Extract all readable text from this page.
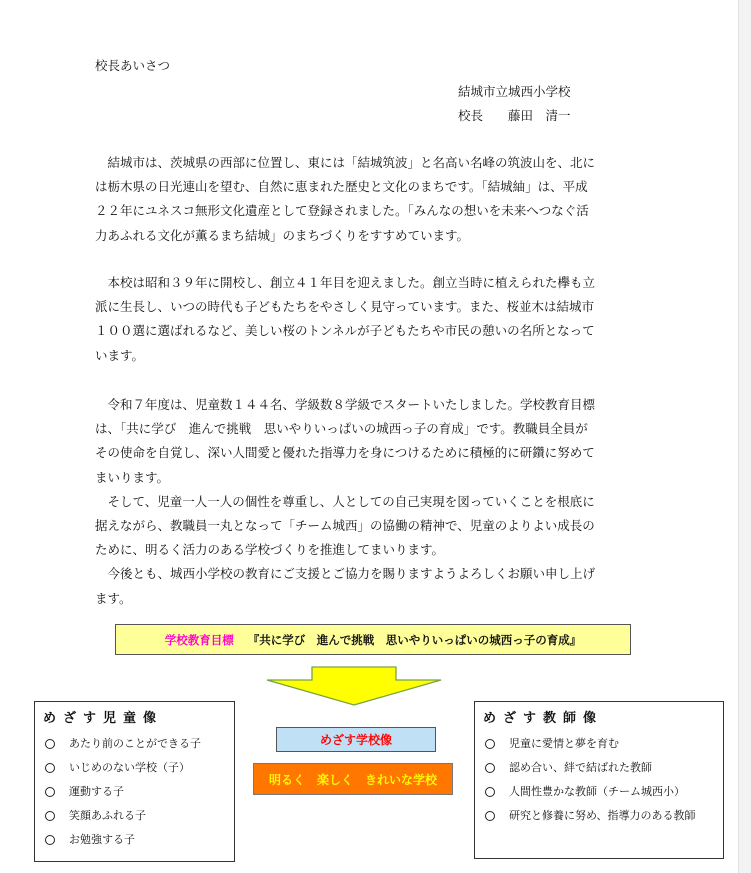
校長あいさつ
結城市立城西小学校
校長　　藤田　清一
　結城市は、茨城県の西部に位置し、東には「結城筑波」と名高い名峰の筑波山を、北に
は栃木県の日光連山を望む、自然に恵まれた歴史と文化のまちです。「結城紬」は、平成
２２年にユネスコ無形文化遺産として登録されました。「みんなの想いを未来へつなぐ活
力あふれる文化が薫るまち結城」のまちづくりをすすめています。
　本校は昭和３９年に開校し、創立４１年目を迎えました。創立当時に植えられた欅も立
派に生長し、いつの時代も子どもたちをやさしく見守っています。また、桜並木は結城市
１００選に選ばれるなど、美しい桜のトンネルが子どもたちや市民の憩いの名所となって
います。
　令和７年度は、児童数１４４名、学級数８学級でスタートいたしました。学校教育目標
は、「共に学び　進んで挑戦　思いやりいっぱいの城西っ子の育成」です。教職員全員が
その使命を自覚し、深い人間愛と優れた指導力を身につけるために積極的に研鑽に努めて
まいります。
　そして、児童一人一人の個性を尊重し、人としての自己実現を図っていくことを根底に
据えながら、教職員一丸となって「チーム城西」の協働の精神で、児童のよりよい成長の
ために、明るく活力のある学校づくりを推進してまいります。
　今後とも、城西小学校の教育にご支援とご協力を賜りますようよろしくお願い申し上げ
ます。
学校教育目標 『共に学び　進んで挑戦　思いやりいっぱいの城西っ子の育成』
めざす児童像
あたり前のことができる子
いじめのない学校（子）
運動する子
笑顔あふれる子
お勉強する子
めざす学校像
明るく　楽しく　きれいな学校
めざす教師像
児童に愛情と夢を育む
認め合い、絆で結ばれた教師
人間性豊かな教師（チーム城西小）
研究と修養に努め、指導力のある教師
